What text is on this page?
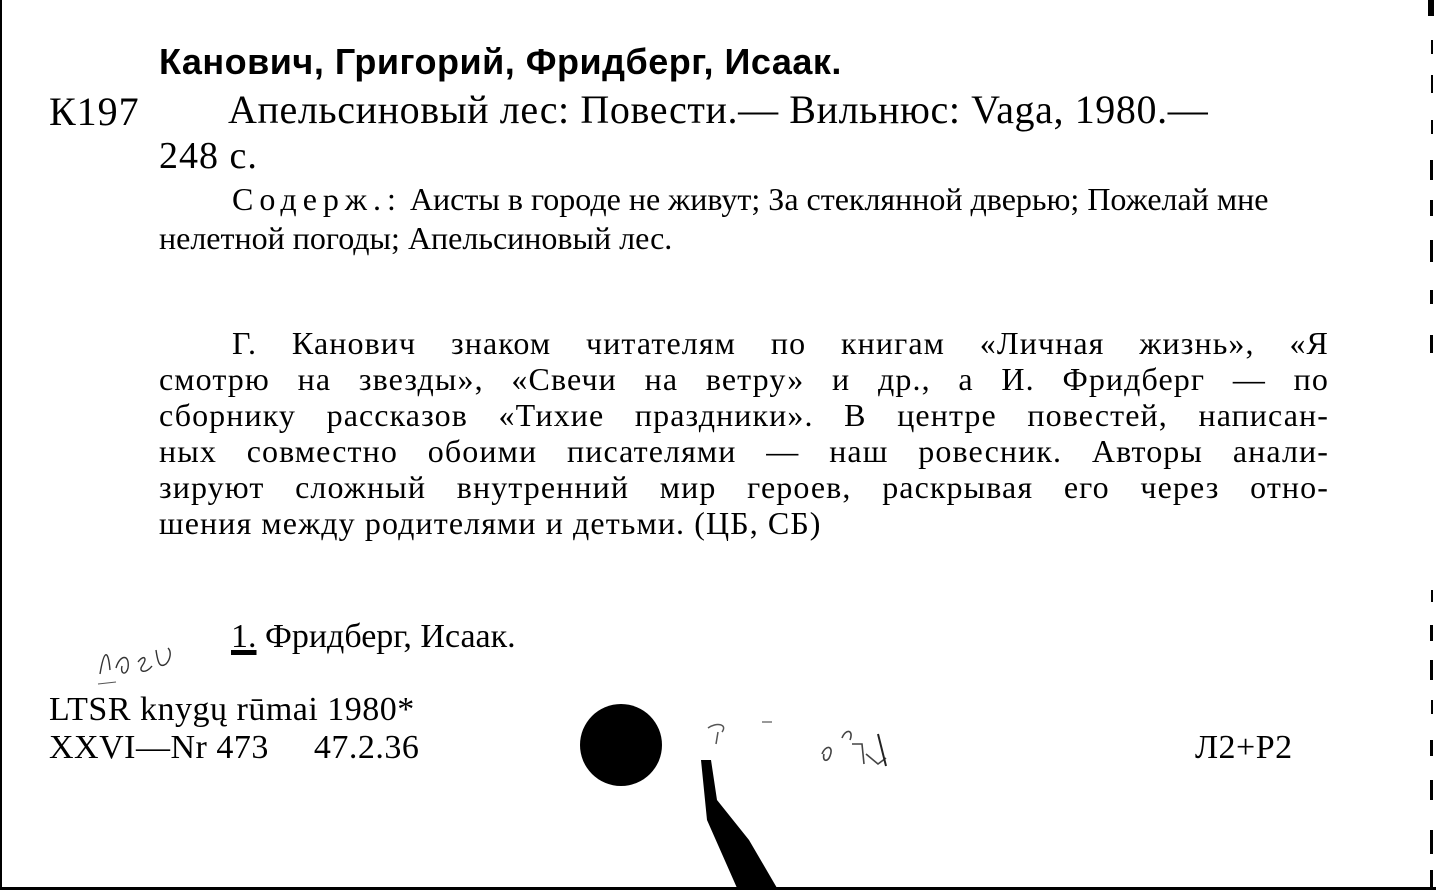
Канович, Григорий, Фридберг, Исаак.
К197 Апельсиновый лес: Повести.— Вильнюс: Vaga, 1980.—
248 с.
Содерж.: Аисты в городе не живут; За стеклянной дверью; Пожелай мне нелетной погоды; Апельсиновый лес.
Г. Канович знаком читателям по книгам «Личная жизнь», «Я
смотрю на звезды», «Свечи на ветру» и др., а И. Фридберг — по
сборнику рассказов «Тихие праздники». В центре повестей, написан-
ных совместно обоими писателями — наш ровесник. Авторы анали-
зируют сложный внутренний мир героев, раскрывая его через отно-
шения между родителями и детьми. (ЦБ, СБ)
1. Фридберг, Исаак.
LTSR knygų rūmai 1980*
XXVI—Nr 473     47.2.36	Л2+Р2
